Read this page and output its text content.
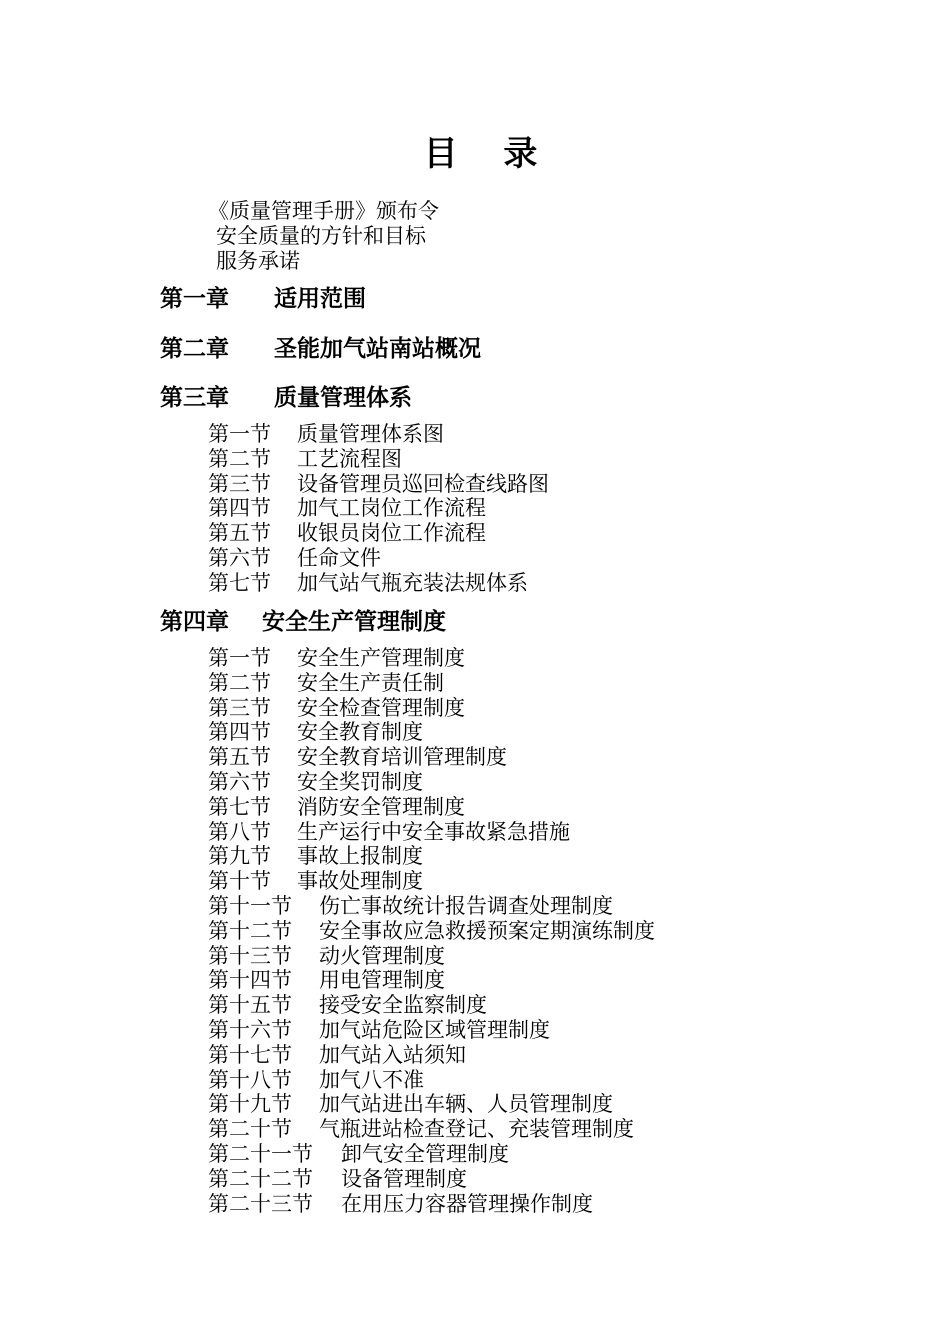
目 录
《质量管理手册》颁布令
安全质量的方针和目标
服务承诺
第一章 适用范围
第二章 圣能加气站南站概况
第三章 质量管理体系
第一节 质量管理体系图
第二节 工艺流程图
第三节 设备管理员巡回检查线路图
第四节 加气工岗位工作流程
第五节 收银员岗位工作流程
第六节 任命文件
第七节 加气站气瓶充装法规体系
第四章 安全生产管理制度
第一节 安全生产管理制度
第二节 安全生产责任制
第三节 安全检查管理制度
第四节 安全教育制度
第五节 安全教育培训管理制度
第六节 安全奖罚制度
第七节 消防安全管理制度
第八节 生产运行中安全事故紧急措施
第九节 事故上报制度
第十节 事故处理制度
第十一节 伤亡事故统计报告调查处理制度
第十二节 安全事故应急救援预案定期演练制度
第十三节 动火管理制度
第十四节 用电管理制度
第十五节 接受安全监察制度
第十六节 加气站危险区域管理制度
第十七节 加气站入站须知
第十八节 加气八不准
第十九节 加气站进出车辆、人员管理制度
第二十节 气瓶进站检查登记、充装管理制度
第二十一节 卸气安全管理制度
第二十二节 设备管理制度
第二十三节 在用压力容器管理操作制度
